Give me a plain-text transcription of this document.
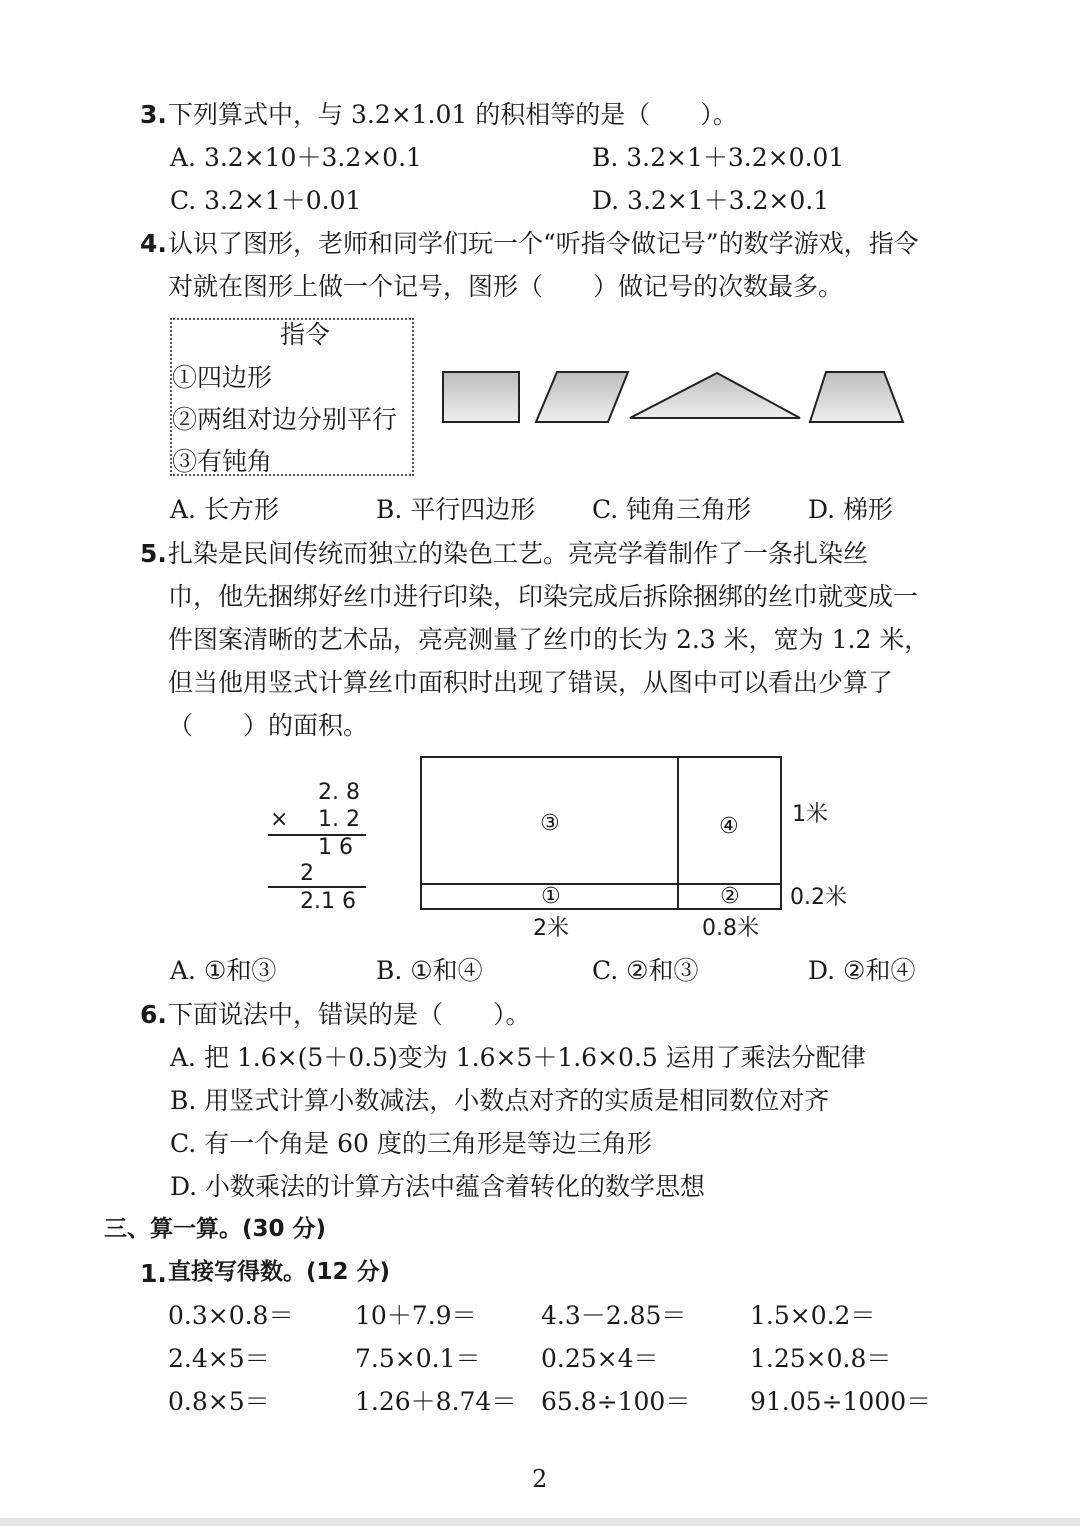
3. 下列算式中，与 3.2×1.01 的积相等的是（　　）。
A. 3.2×10＋3.2×0.1	B. 3.2×1＋3.2×0.01
C. 3.2×1＋0.01	D. 3.2×1＋3.2×0.1
4. 认识了图形，老师和同学们玩一个“听指令做记号”的数学游戏，指令
对就在图形上做一个记号，图形（　　）做记号的次数最多。
指令
①四边形
②两组对边分别平行
③有钝角
A. 长方形	B. 平行四边形 C. 钝角三角形 D. 梯形
5. 扎染是民间传统而独立的染色工艺。亮亮学着制作了一条扎染丝
巾，他先捆绑好丝巾进行印染，印染完成后拆除捆绑的丝巾就变成一
件图案清晰的艺术品，亮亮测量了丝巾的长为 2.3 米，宽为 1.2 米，
但当他用竖式计算丝巾面积时出现了错误，从图中可以看出少算了
（　　）的面积。
2. 8
× 1. 2
1 6
2
2.1 6
③	④
①	②
1米
0.2米
2米	0.8米
A. ①和③	B. ①和④	C. ②和③	D. ②和④
6. 下面说法中，错误的是（　　）。
A. 把 1.6×(5＋0.5)变为 1.6×5＋1.6×0.5 运用了乘法分配律
B. 用竖式计算小数减法，小数点对齐的实质是相同数位对齐
C. 有一个角是 60 度的三角形是等边三角形
D. 小数乘法的计算方法中蕴含着转化的数学思想
三、算一算。(30 分)
1. 直接写得数。(12 分)
0.3×0.8＝ 10＋7.9＝	4.3－2.85＝	1.5×0.2＝
2.4×5＝	7.5×0.1＝ 0.25×4＝	1.25×0.8＝
0.8×5＝	1.26＋8.74＝ 65.8÷100＝ 91.05÷1000＝
2
